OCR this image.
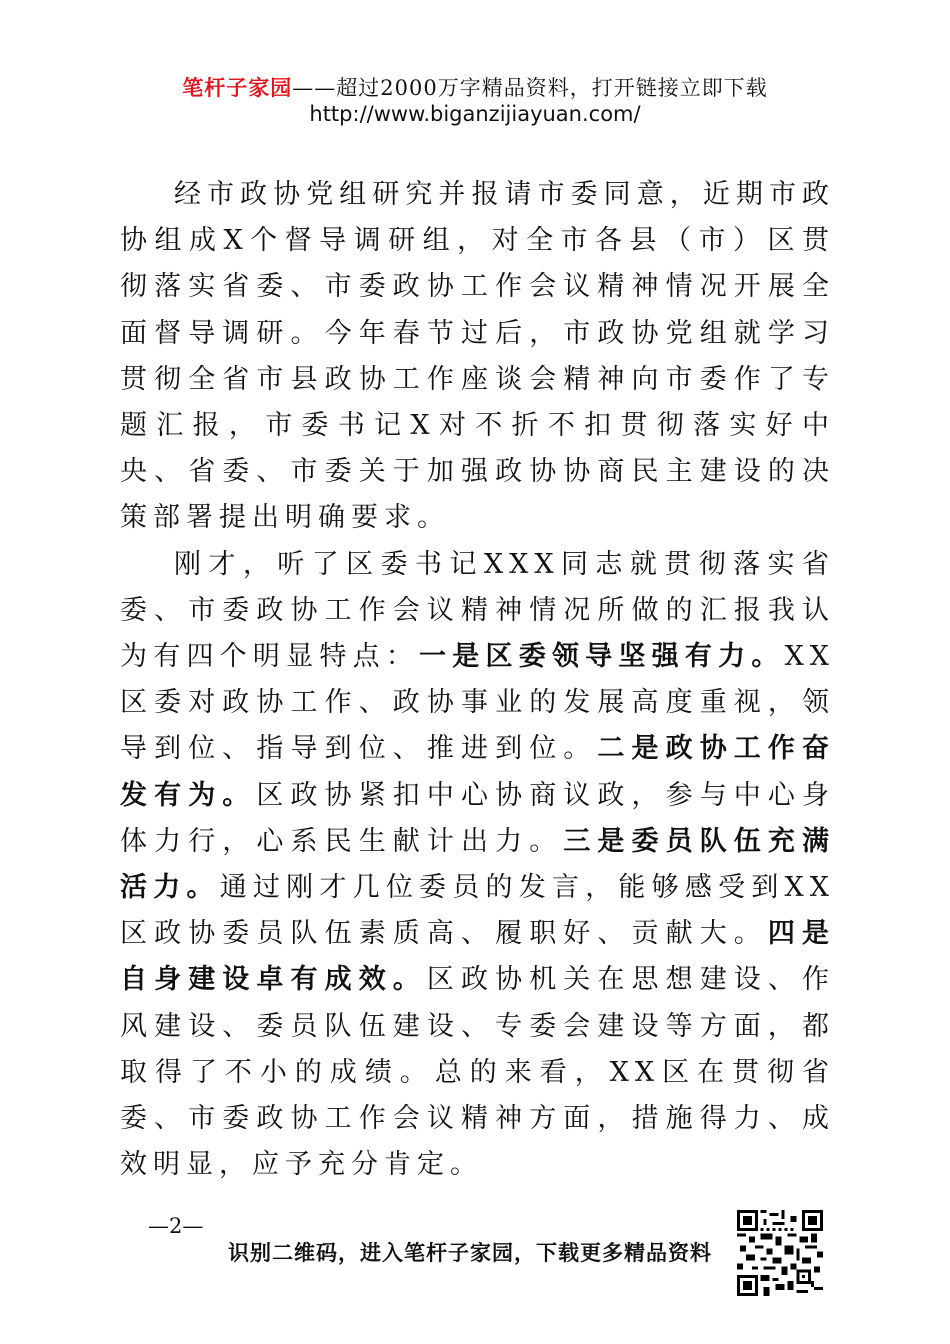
笔杆子家园——超过2000万字精品资料，打开链接立即下载
http://www.biganzijiayuan.com/

经市政协党组研究并报请市委同意，近期市政协组成X个督导调研组，对全市各县（市）区贯彻落实省委、市委政协工作会议精神情况开展全面督导调研。今年春节过后，市政协党组就学习贯彻全省市县政协工作座谈会精神向市委作了专题汇报，市委书记X对不折不扣贯彻落实好中央、省委、市委关于加强政协协商民主建设的决策部署提出明确要求。

刚才，听了区委书记XXX同志就贯彻落实省委、市委政协工作会议精神情况所做的汇报我认为有四个明显特点：一是区委领导坚强有力。XX区委对政协工作、政协事业的发展高度重视，领导到位、指导到位、推进到位。二是政协工作奋发有为。区政协紧扣中心协商议政，参与中心身体力行，心系民生献计出力。三是委员队伍充满活力。通过刚才几位委员的发言，能够感受到XX区政协委员队伍素质高、履职好、贡献大。四是自身建设卓有成效。区政协机关在思想建设、作风建设、委员队伍建设、专委会建设等方面，都取得了不小的成绩。总的来看，XX区在贯彻省委、市委政协工作会议精神方面，措施得力、成效明显，应予充分肯定。

—2—
识别二维码，进入笔杆子家园，下载更多精品资料
